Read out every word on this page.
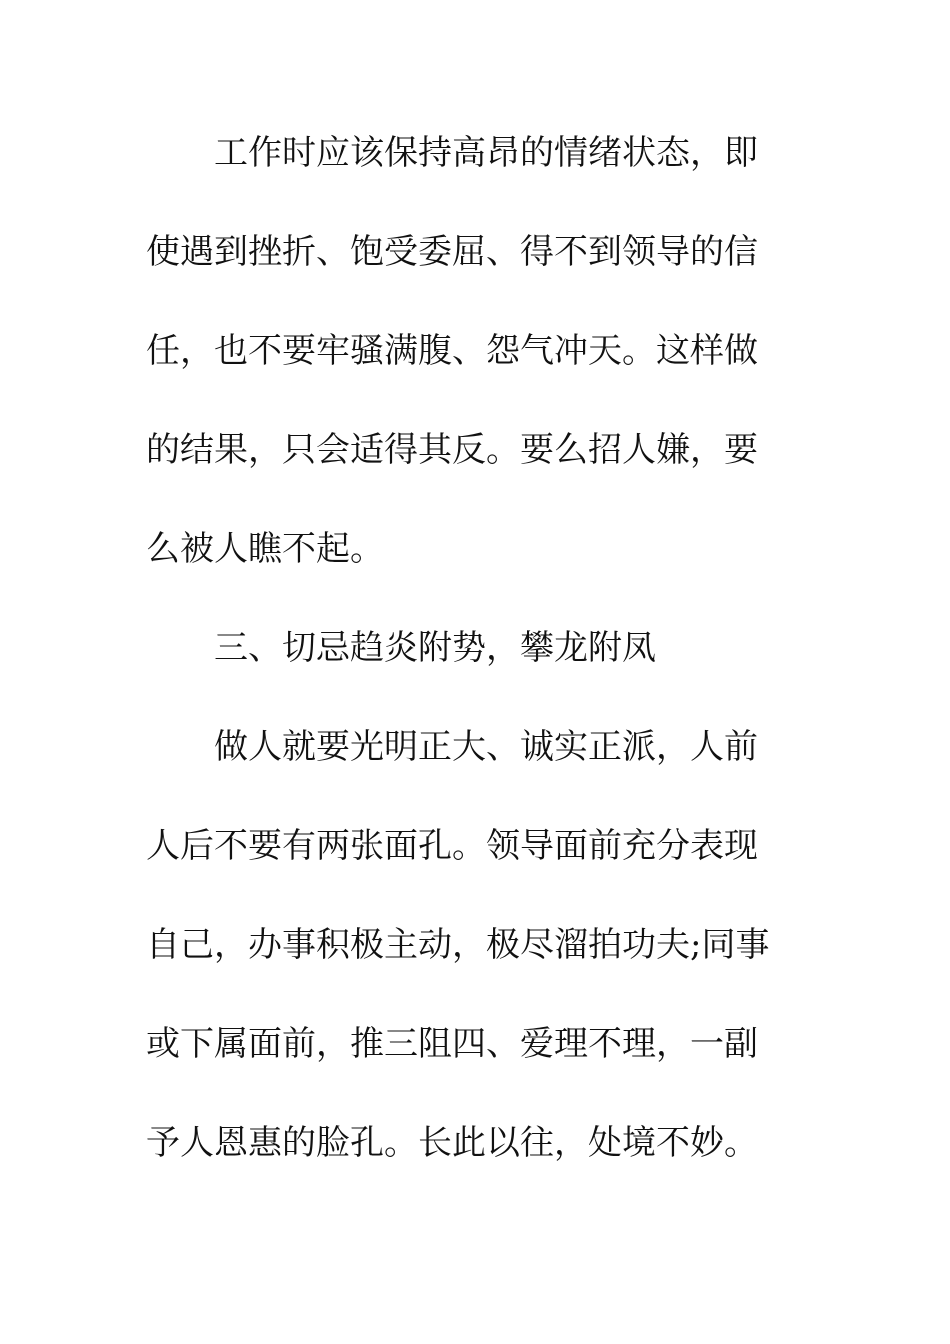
工作时应该保持高昂的情绪状态，即
使遇到挫折、饱受委屈、得不到领导的信
任，也不要牢骚满腹、怨气冲天。这样做
的结果，只会适得其反。要么招人嫌，要
么被人瞧不起。
三、切忌趋炎附势，攀龙附凤
做人就要光明正大、诚实正派，人前
人后不要有两张面孔。领导面前充分表现
自己，办事积极主动，极尽溜拍功夫;同事
或下属面前，推三阻四、爱理不理，一副
予人恩惠的脸孔。长此以往，处境不妙。
